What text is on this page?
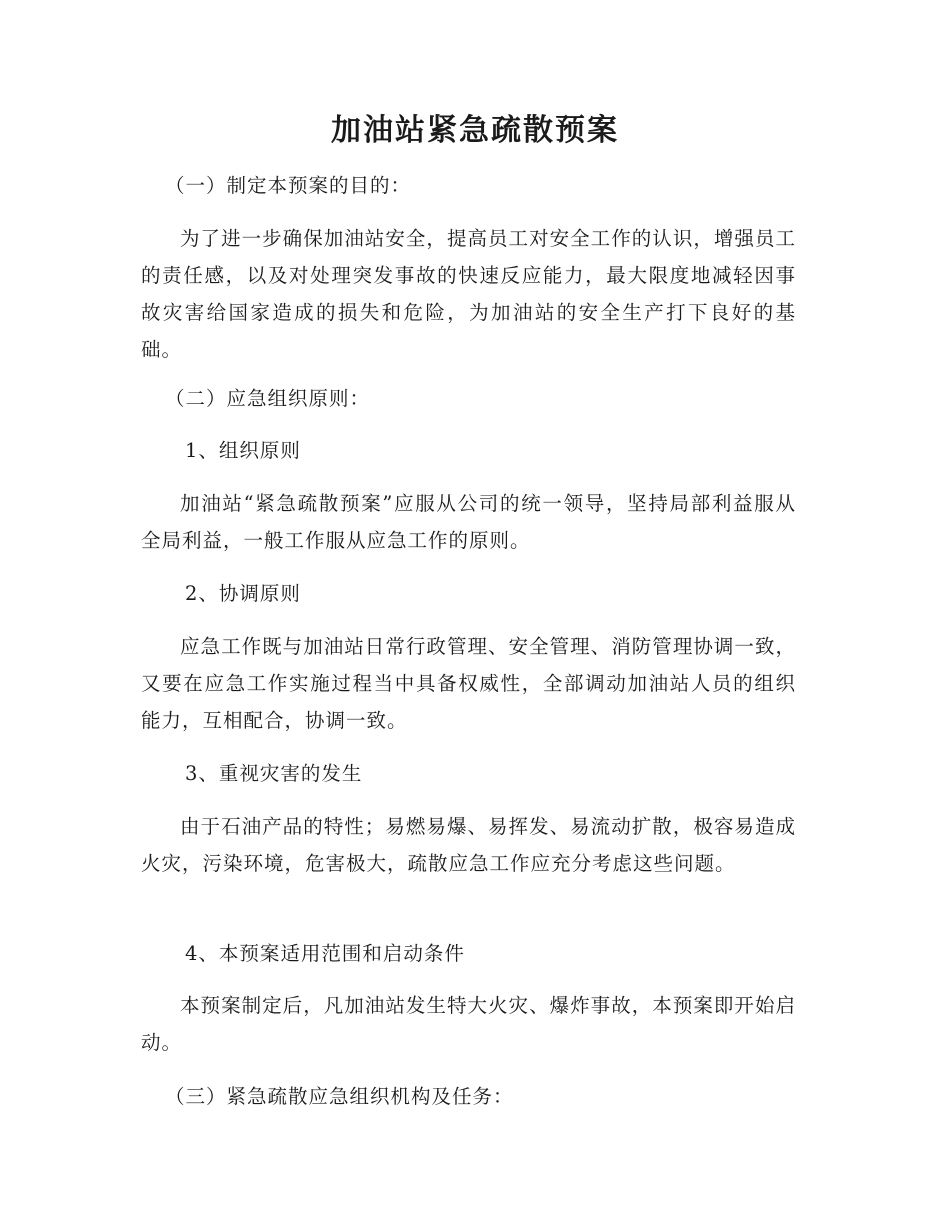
加油站紧急疏散预案

（一）制定本预案的目的：

为了进一步确保加油站安全，提高员工对安全工作的认识，增强员工的责任感，以及对处理突发事故的快速反应能力，最大限度地减轻因事故灾害给国家造成的损失和危险，为加油站的安全生产打下良好的基础。

（二）应急组织原则：

1、组织原则

加油站“紧急疏散预案”应服从公司的统一领导，坚持局部利益服从全局利益，一般工作服从应急工作的原则。

2、协调原则

应急工作既与加油站日常行政管理、安全管理、消防管理协调一致，又要在应急工作实施过程当中具备权威性，全部调动加油站人员的组织能力，互相配合，协调一致。

3、重视灾害的发生

由于石油产品的特性；易燃易爆、易挥发、易流动扩散，极容易造成火灾，污染环境，危害极大，疏散应急工作应充分考虑这些问题。

4、本预案适用范围和启动条件

本预案制定后，凡加油站发生特大火灾、爆炸事故，本预案即开始启动。

（三）紧急疏散应急组织机构及任务：
